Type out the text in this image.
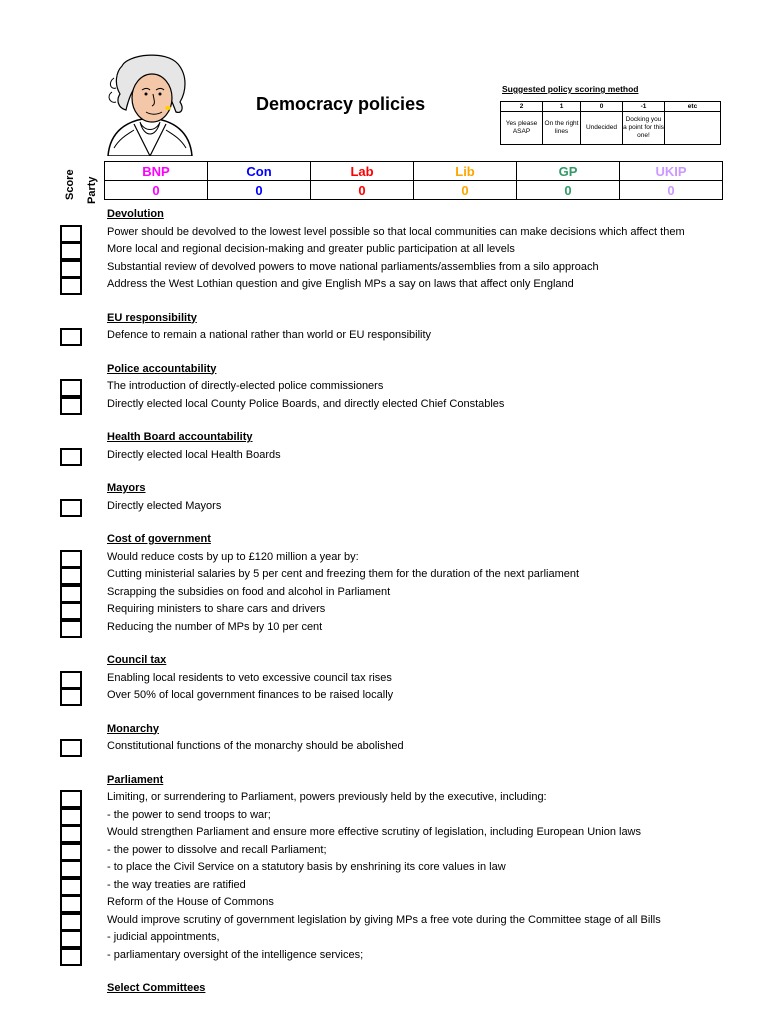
Democracy policies
Suggested policy scoring method
2	1	0	-1	etc
Yes please ASAP	On the right lines	Undecided	Docking you a point for this one!	
Score Party
BNP	Con	Lab	Lib	GP	UKIP
0	0	0	0	0	0
Devolution
Power should be devolved to the lowest level possible so that local communities can make decisions which affect them
More local and regional decision-making and greater public participation at all levels
Substantial review of devolved powers to move national parliaments/assemblies from a silo approach
Address the West Lothian question and give English MPs a say on laws that affect only England
EU responsibility
Defence to remain a national rather than world or EU responsibility
Police accountability
The introduction of directly-elected police commissioners
Directly elected local County Police Boards, and directly elected Chief Constables
Health Board accountability
Directly elected local Health Boards
Mayors
Directly elected Mayors
Cost of government
Would reduce costs by up to £120 million a year by:
Cutting ministerial salaries by 5 per cent and freezing them for the duration of the next parliament
Scrapping the subsidies on food and alcohol in Parliament
Requiring ministers to share cars and drivers
Reducing the number of MPs by 10 per cent
Council tax
Enabling local residents to veto excessive council tax rises
Over 50% of local government finances to be raised locally
Monarchy
Constitutional functions of the monarchy should be abolished
Parliament
Limiting, or surrendering to Parliament, powers previously held by the executive, including:
- the power to send troops to war;
Would strengthen Parliament and ensure more effective scrutiny of legislation, including European Union laws
- the power to dissolve and recall Parliament;
- to place the Civil Service on a statutory basis by enshrining its core values in law
- the way treaties are ratified
Reform of the House of Commons
Would improve scrutiny of government legislation by giving MPs a free vote during the Committee stage of all Bills
- judicial appointments,
- parliamentary oversight of the intelligence services;
Select Committees
